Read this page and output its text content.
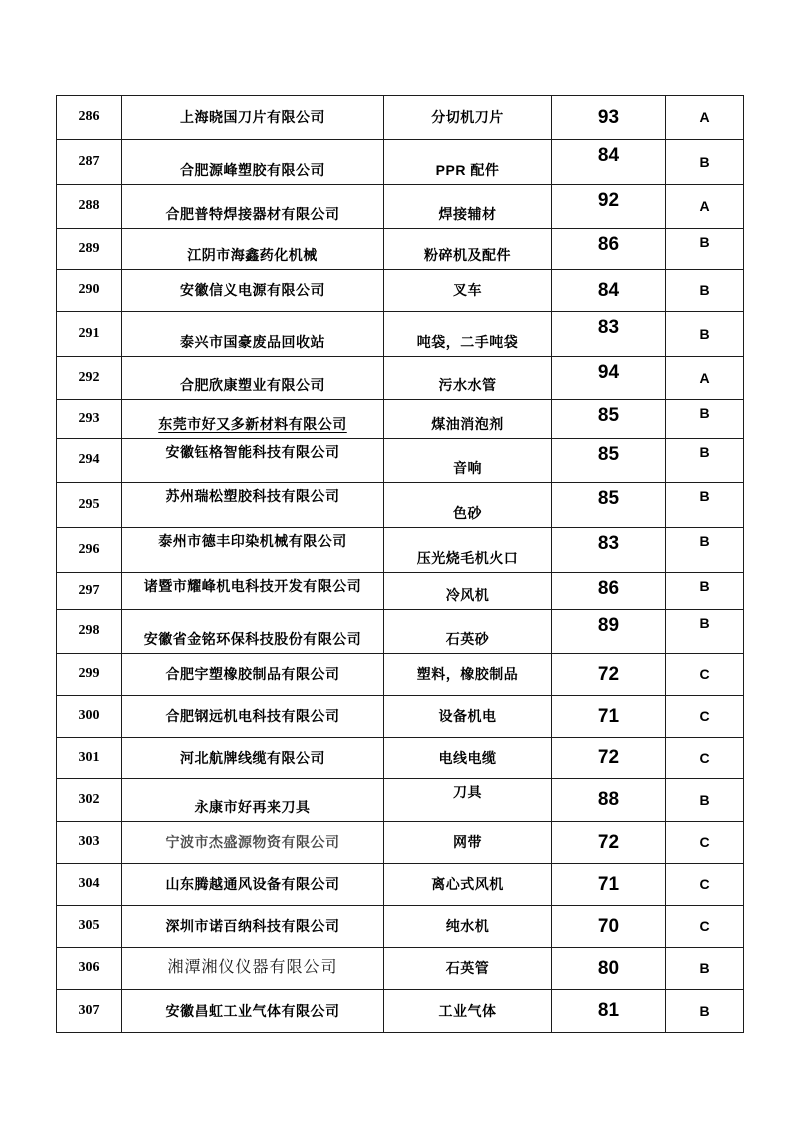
286	上海晓国刀片有限公司	分切机刀片	93	A
287	合肥源峰塑胶有限公司	PPR 配件	84	B
288	合肥普特焊接器材有限公司	焊接辅材	92	A
289	江阴市海鑫药化机械	粉碎机及配件	86	B
290	安徽信义电源有限公司	叉车	84	B
291	泰兴市国豪废品回收站	吨袋，二手吨袋	83	B
292	合肥欣康塑业有限公司	污水水管	94	A
293	东莞市好又多新材料有限公司	煤油消泡剂	85	B
294	安徽钰格智能科技有限公司	音响	85	B
295	苏州瑞松塑胶科技有限公司	色砂	85	B
296	泰州市德丰印染机械有限公司	压光烧毛机火口	83	B
297	诸暨市耀峰机电科技开发有限公司	冷风机	86	B
298	安徽省金铭环保科技股份有限公司	石英砂	89	B
299	合肥宇塑橡胶制品有限公司	塑料，橡胶制品	72	C
300	合肥钢远机电科技有限公司	设备机电	71	C
301	河北航牌线缆有限公司	电线电缆	72	C
302	永康市好再来刀具	刀具	88	B
303	宁波市杰盛源物资有限公司	网带	72	C
304	山东腾越通风设备有限公司	离心式风机	71	C
305	深圳市诺百纳科技有限公司	纯水机	70	C
306	湘潭湘仪仪器有限公司	石英管	80	B
307	安徽昌虹工业气体有限公司	工业气体	81	B
